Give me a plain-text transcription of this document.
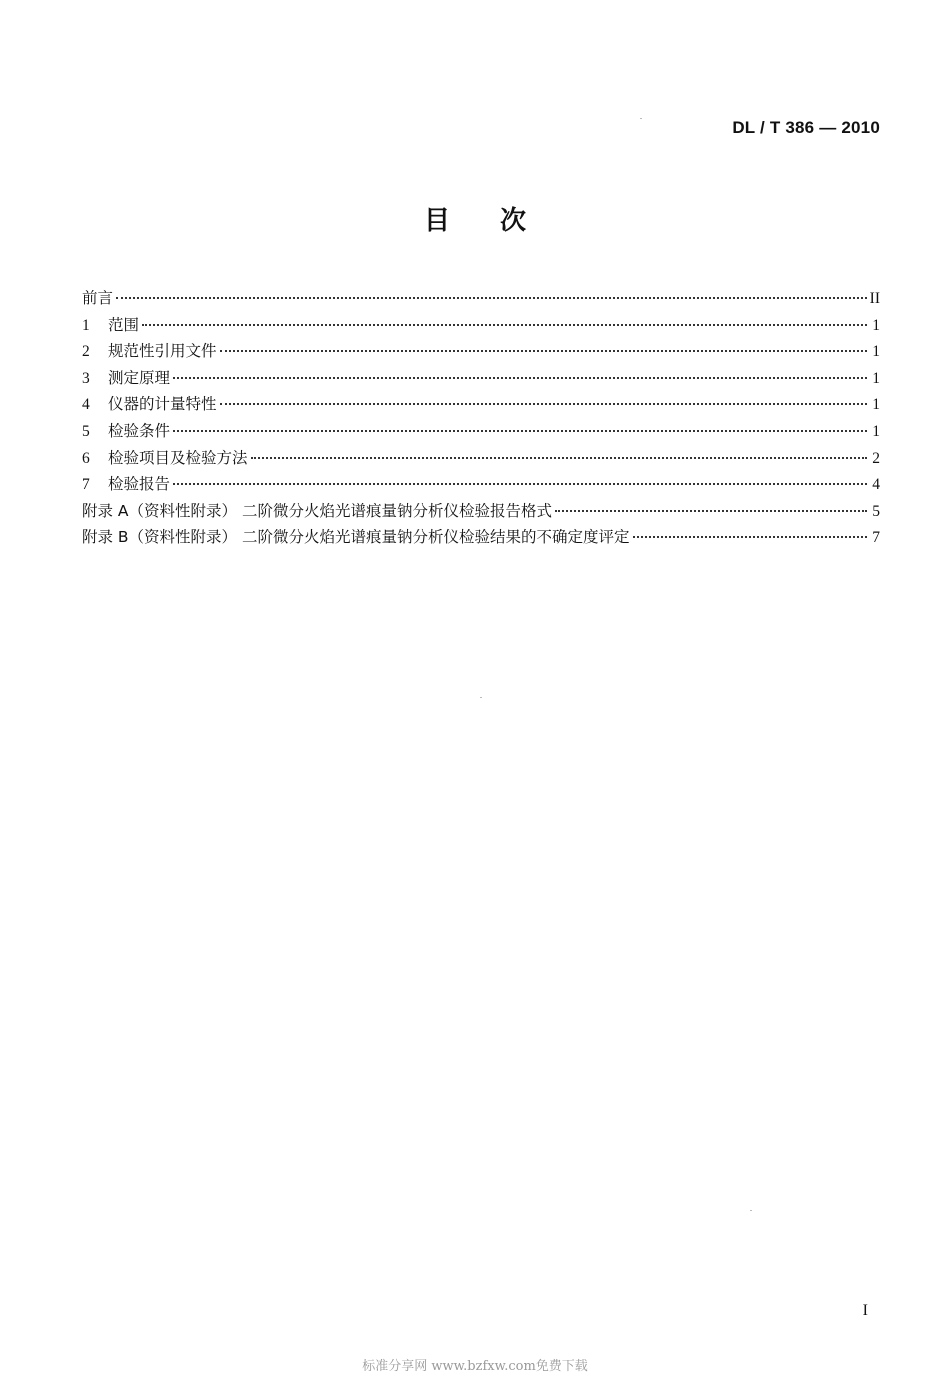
DL / T 386 — 2010
目次
前言	II
1	范围	1
2	规范性引用文件	1
3	测定原理	1
4	仪器的计量特性	1
5	检验条件	1
6	检验项目及检验方法	2
7	检验报告	4
附录 A（资料性附录） 二阶微分火焰光谱痕量钠分析仪检验报告格式	5
附录 B（资料性附录） 二阶微分火焰光谱痕量钠分析仪检验结果的不确定度评定	7
I
标准分享网 www.bzfxw.com免费下载
